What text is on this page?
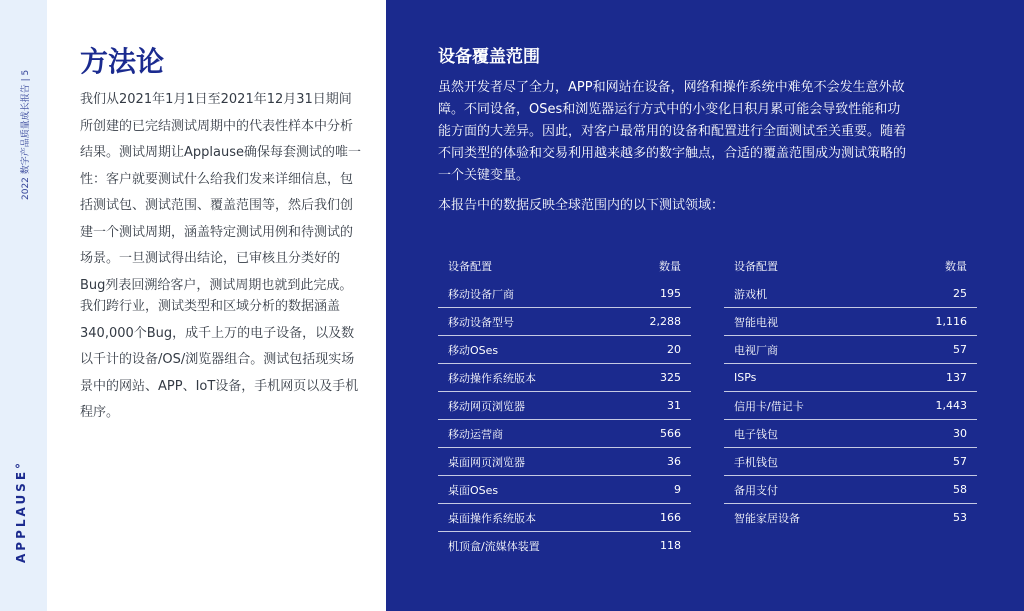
2022 数字产品质量成长报告 | 5
APPLAUSE°
方法论

我们从2021年1月1日至2021年12月31日期间所创建的已完结测试周期中的代表性样本中分析结果。测试周期让Applause确保每套测试的唯一性：客户就要测试什么给我们发来详细信息，包括测试包、测试范围、覆盖范围等，然后我们创建一个测试周期，涵盖特定测试用例和待测试的场景。一旦测试得出结论，已审核且分类好的Bug列表回溯给客户，测试周期也就到此完成。

我们跨行业，测试类型和区域分析的数据涵盖340,000个Bug，成千上万的电子设备，以及数以千计的设备/OS/浏览器组合。测试包括现实场景中的网站、APP、IoT设备，手机网页以及手机程序。

设备覆盖范围

虽然开发者尽了全力，APP和网站在设备，网络和操作系统中难免不会发生意外故障。不同设备，OSes和浏览器运行方式中的小变化日积月累可能会导致性能和功能方面的大差异。因此，对客户最常用的设备和配置进行全面测试至关重要。随着不同类型的体验和交易利用越来越多的数字触点，合适的覆盖范围成为测试策略的一个关键变量。

本报告中的数据反映全球范围内的以下测试领域：

设备配置	数量
移动设备厂商	195
移动设备型号	2,288
移动OSes	20
移动操作系统版本	325
移动网页浏览器	31
移动运营商	566
桌面网页浏览器	36
桌面OSes	9
桌面操作系统版本	166
机顶盒/流媒体装置	118
设备配置	数量
游戏机	25
智能电视	1,116
电视厂商	57
ISPs	137
信用卡/借记卡	1,443
电子钱包	30
手机钱包	57
备用支付	58
智能家居设备	53
